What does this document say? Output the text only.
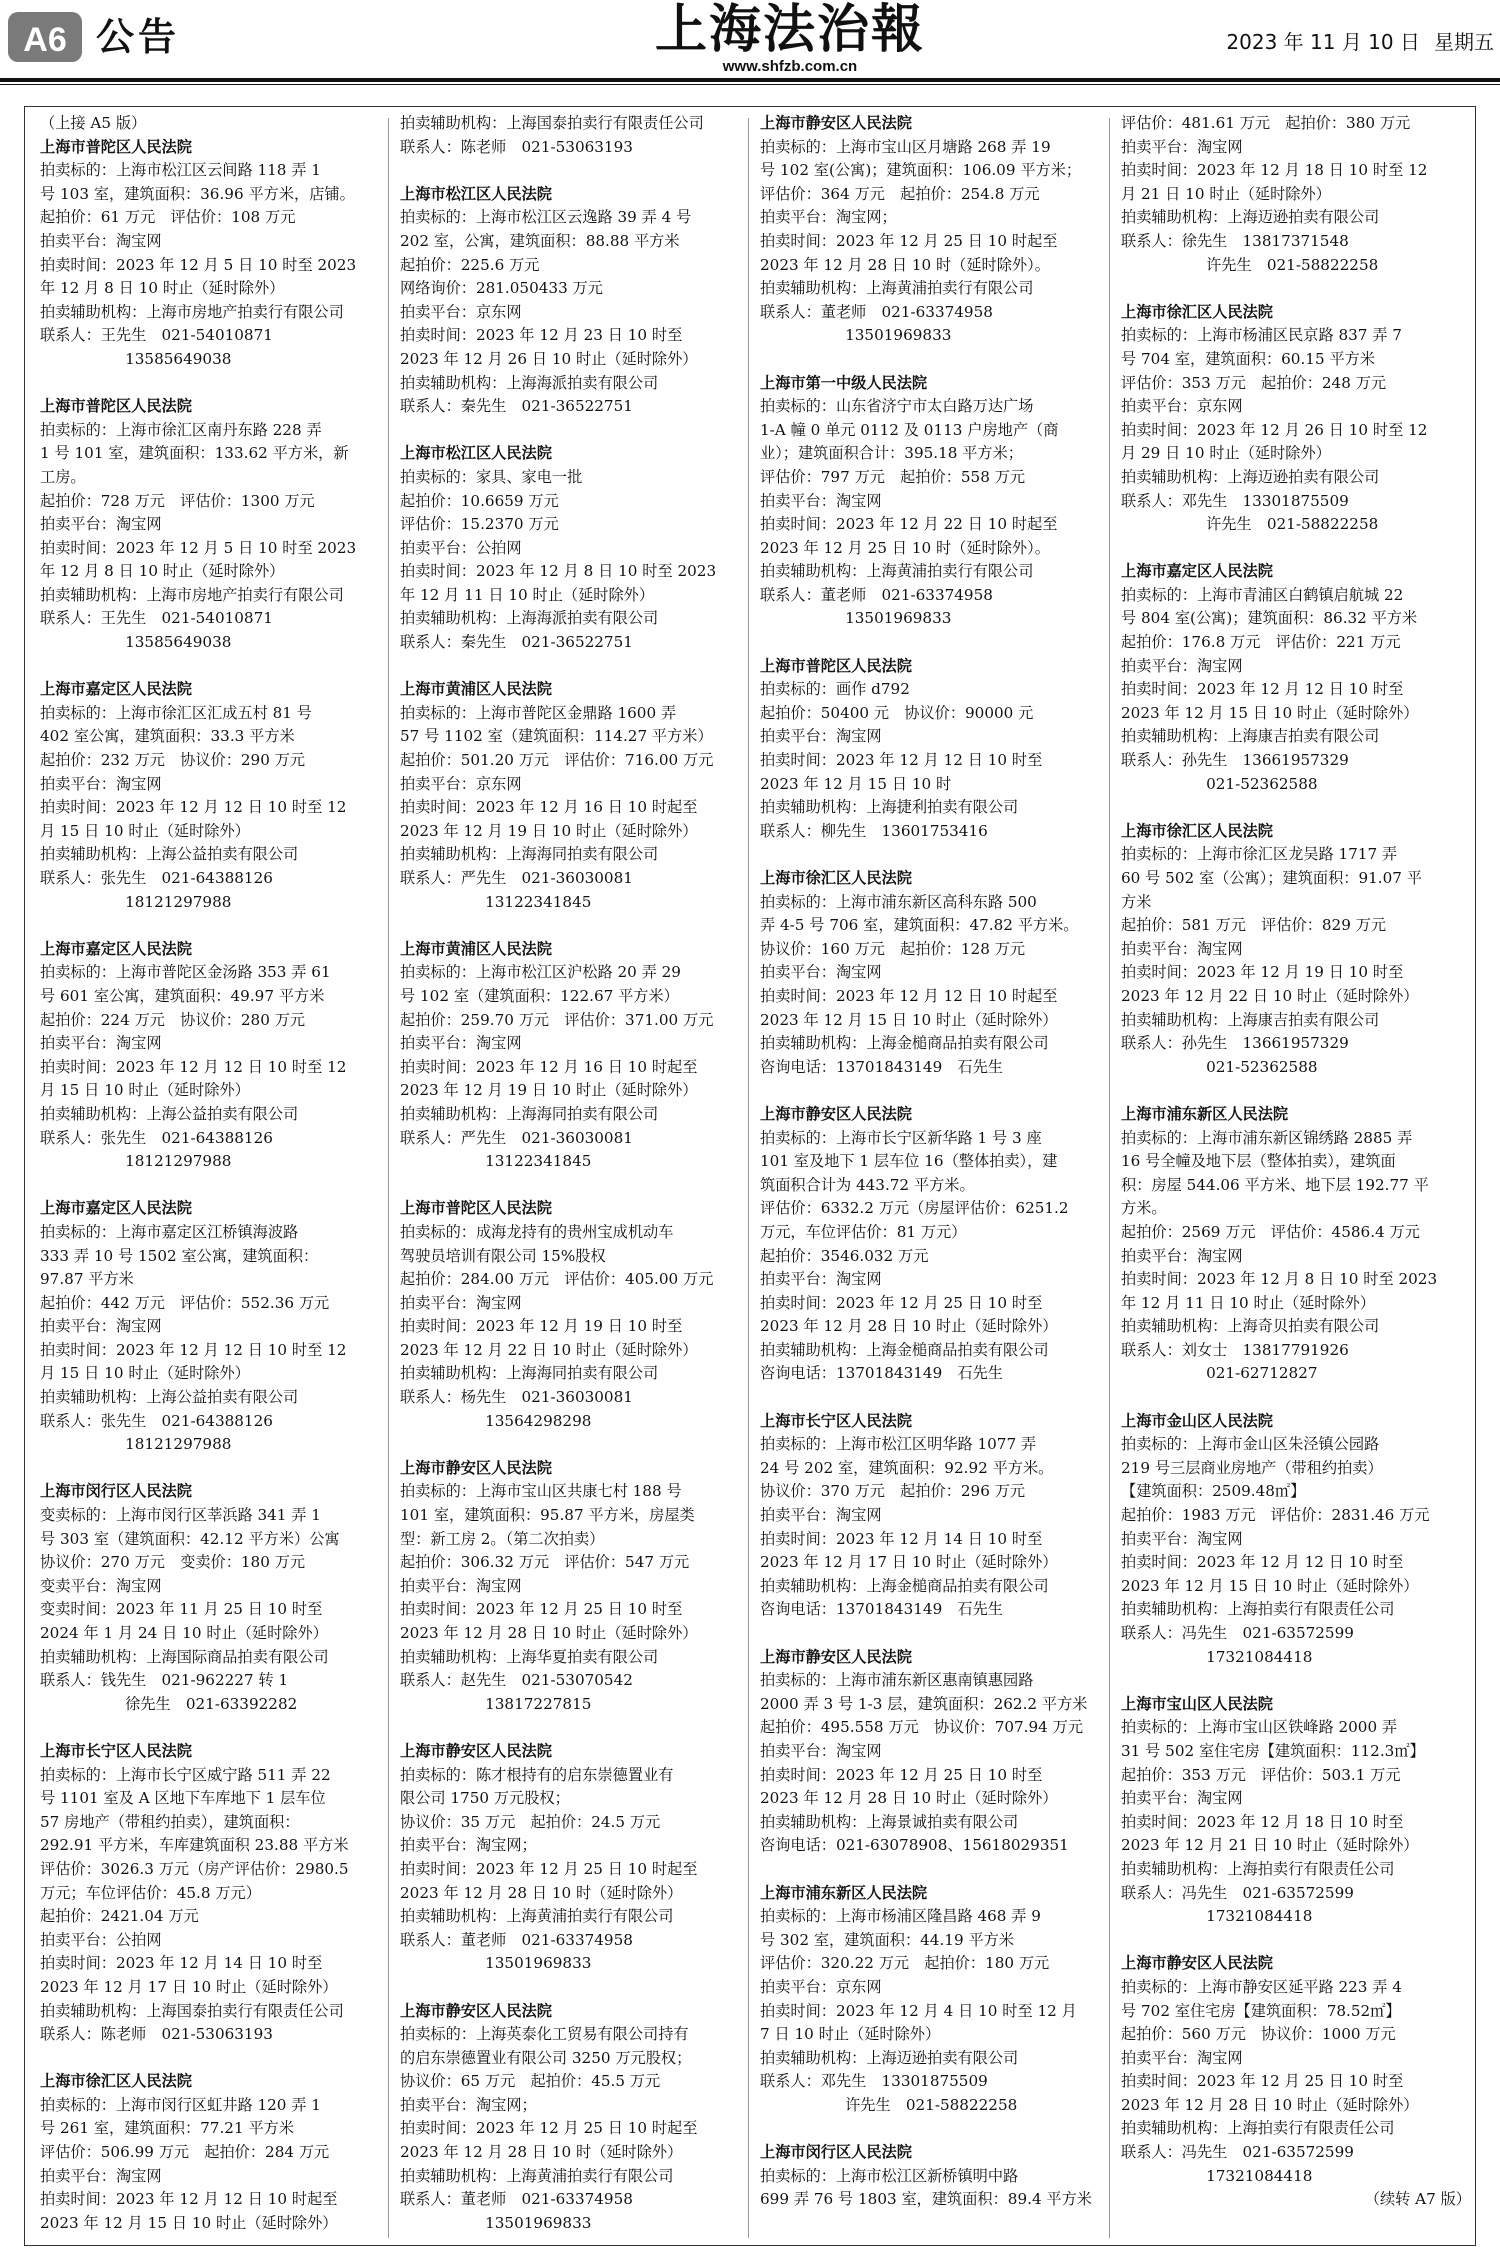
A6 公告	上海法治報
www.shfzb.com.cn
2023 年 11 月 10 日 星期五
（上接 A5 版）
上海市普陀区人民法院
拍卖标的：上海市松江区云间路 118 弄 1
号 103 室，建筑面积：36.96 平方米，店铺。
起拍价：61 万元　评估价：108 万元
拍卖平台：淘宝网
拍卖时间：2023 年 12 月 5 日 10 时至 2023
年 12 月 8 日 10 时止（延时除外）
拍卖辅助机构：上海市房地产拍卖行有限公司
联系人：王先生　021-54010871
13585649038

上海市普陀区人民法院
拍卖标的：上海市徐汇区南丹东路 228 弄
1 号 101 室，建筑面积：133.62 平方米，新
工房。
起拍价：728 万元　评估价：1300 万元
拍卖平台：淘宝网
拍卖时间：2023 年 12 月 5 日 10 时至 2023
年 12 月 8 日 10 时止（延时除外）
拍卖辅助机构：上海市房地产拍卖行有限公司
联系人：王先生　021-54010871
13585649038

上海市嘉定区人民法院
拍卖标的：上海市徐汇区汇成五村 81 号
402 室公寓，建筑面积：33.3 平方米
起拍价：232 万元　协议价：290 万元
拍卖平台：淘宝网
拍卖时间：2023 年 12 月 12 日 10 时至 12
月 15 日 10 时止（延时除外）
拍卖辅助机构：上海公益拍卖有限公司
联系人：张先生　021-64388126
18121297988

上海市嘉定区人民法院
拍卖标的：上海市普陀区金汤路 353 弄 61
号 601 室公寓，建筑面积：49.97 平方米
起拍价：224 万元　协议价：280 万元
拍卖平台：淘宝网
拍卖时间：2023 年 12 月 12 日 10 时至 12
月 15 日 10 时止（延时除外）
拍卖辅助机构：上海公益拍卖有限公司
联系人：张先生　021-64388126
18121297988

上海市嘉定区人民法院
拍卖标的：上海市嘉定区江桥镇海波路
333 弄 10 号 1502 室公寓，建筑面积：
97.87 平方米
起拍价：442 万元　评估价：552.36 万元
拍卖平台：淘宝网
拍卖时间：2023 年 12 月 12 日 10 时至 12
月 15 日 10 时止（延时除外）
拍卖辅助机构：上海公益拍卖有限公司
联系人：张先生　021-64388126
18121297988

上海市闵行区人民法院
变卖标的：上海市闵行区莘浜路 341 弄 1
号 303 室（建筑面积：42.12 平方米）公寓
协议价：270 万元　变卖价：180 万元
变卖平台：淘宝网
变卖时间：2023 年 11 月 25 日 10 时至
2024 年 1 月 24 日 10 时止（延时除外）
拍卖辅助机构：上海国际商品拍卖有限公司
联系人：钱先生　021-962227 转 1
徐先生　021-63392282

上海市长宁区人民法院
拍卖标的：上海市长宁区威宁路 511 弄 22
号 1101 室及 A 区地下车库地下 1 层车位
57 房地产（带租约拍卖），建筑面积：
292.91 平方米，车库建筑面积 23.88 平方米
评估价：3026.3 万元（房产评估价：2980.5
万元；车位评估价：45.8 万元）
起拍价：2421.04 万元
拍卖平台：公拍网
拍卖时间：2023 年 12 月 14 日 10 时至
2023 年 12 月 17 日 10 时止（延时除外）
拍卖辅助机构：上海国泰拍卖行有限责任公司
联系人：陈老师　021-53063193

上海市徐汇区人民法院
拍卖标的：上海市闵行区虹井路 120 弄 1
号 261 室，建筑面积：77.21 平方米
评估价：506.99 万元　起拍价：284 万元
拍卖平台：淘宝网
拍卖时间：2023 年 12 月 12 日 10 时起至
2023 年 12 月 15 日 10 时止（延时除外）
拍卖辅助机构：上海国泰拍卖行有限责任公司
联系人：陈老师　021-53063193

上海市松江区人民法院
拍卖标的：上海市松江区云逸路 39 弄 4 号
202 室，公寓，建筑面积：88.88 平方米
起拍价：225.6 万元
网络询价：281.050433 万元
拍卖平台：京东网
拍卖时间：2023 年 12 月 23 日 10 时至
2023 年 12 月 26 日 10 时止（延时除外）
拍卖辅助机构：上海海派拍卖有限公司
联系人：秦先生　021-36522751

上海市松江区人民法院
拍卖标的：家具、家电一批
起拍价：10.6659 万元
评估价：15.2370 万元
拍卖平台：公拍网
拍卖时间：2023 年 12 月 8 日 10 时至 2023
年 12 月 11 日 10 时止（延时除外）
拍卖辅助机构：上海海派拍卖有限公司
联系人：秦先生　021-36522751

上海市黄浦区人民法院
拍卖标的：上海市普陀区金鼎路 1600 弄
57 号 1102 室（建筑面积：114.27 平方米）
起拍价：501.20 万元　评估价：716.00 万元
拍卖平台：京东网
拍卖时间：2023 年 12 月 16 日 10 时起至
2023 年 12 月 19 日 10 时止（延时除外）
拍卖辅助机构：上海海同拍卖有限公司
联系人：严先生　021-36030081
13122341845

上海市黄浦区人民法院
拍卖标的：上海市松江区沪松路 20 弄 29
号 102 室（建筑面积：122.67 平方米）
起拍价：259.70 万元　评估价：371.00 万元
拍卖平台：淘宝网
拍卖时间：2023 年 12 月 16 日 10 时起至
2023 年 12 月 19 日 10 时止（延时除外）
拍卖辅助机构：上海海同拍卖有限公司
联系人：严先生　021-36030081
13122341845

上海市普陀区人民法院
拍卖标的：成海龙持有的贵州宝成机动车
驾驶员培训有限公司 15%股权
起拍价：284.00 万元　评估价：405.00 万元
拍卖平台：淘宝网
拍卖时间：2023 年 12 月 19 日 10 时至
2023 年 12 月 22 日 10 时止（延时除外）
拍卖辅助机构：上海海同拍卖有限公司
联系人：杨先生　021-36030081
13564298298

上海市静安区人民法院
拍卖标的：上海市宝山区共康七村 188 号
101 室，建筑面积：95.87 平方米，房屋类
型：新工房 2。（第二次拍卖）
起拍价：306.32 万元　评估价：547 万元
拍卖平台：淘宝网
拍卖时间：2023 年 12 月 25 日 10 时至
2023 年 12 月 28 日 10 时止（延时除外）
拍卖辅助机构：上海华夏拍卖有限公司
联系人：赵先生　021-53070542
13817227815

上海市静安区人民法院
拍卖标的：陈才根持有的启东崇德置业有
限公司 1750 万元股权；
协议价：35 万元　起拍价：24.5 万元
拍卖平台：淘宝网；
拍卖时间：2023 年 12 月 25 日 10 时起至
2023 年 12 月 28 日 10 时（延时除外）
拍卖辅助机构：上海黄浦拍卖行有限公司
联系人：董老师　021-63374958
13501969833

上海市静安区人民法院
拍卖标的：上海英泰化工贸易有限公司持有
的启东崇德置业有限公司 3250 万元股权；
协议价：65 万元　起拍价：45.5 万元
拍卖平台：淘宝网；
拍卖时间：2023 年 12 月 25 日 10 时起至
2023 年 12 月 28 日 10 时（延时除外）
拍卖辅助机构：上海黄浦拍卖行有限公司
联系人：董老师　021-63374958
13501969833
上海市静安区人民法院
拍卖标的：上海市宝山区月塘路 268 弄 19
号 102 室(公寓)；建筑面积：106.09 平方米；
评估价：364 万元　起拍价：254.8 万元
拍卖平台：淘宝网；
拍卖时间：2023 年 12 月 25 日 10 时起至
2023 年 12 月 28 日 10 时（延时除外）。
拍卖辅助机构：上海黄浦拍卖行有限公司
联系人：董老师　021-63374958
13501969833

上海市第一中级人民法院
拍卖标的：山东省济宁市太白路万达广场
1-A 幢 0 单元 0112 及 0113 户房地产（商
业）；建筑面积合计：395.18 平方米；
评估价：797 万元　起拍价：558 万元
拍卖平台：淘宝网
拍卖时间：2023 年 12 月 22 日 10 时起至
2023 年 12 月 25 日 10 时（延时除外）。
拍卖辅助机构：上海黄浦拍卖行有限公司
联系人：董老师　021-63374958
13501969833

上海市普陀区人民法院
拍卖标的：画作 d792
起拍价：50400 元　协议价：90000 元
拍卖平台：淘宝网
拍卖时间：2023 年 12 月 12 日 10 时至
2023 年 12 月 15 日 10 时
拍卖辅助机构：上海捷利拍卖有限公司
联系人：柳先生　13601753416

上海市徐汇区人民法院
拍卖标的：上海市浦东新区高科东路 500
弄 4-5 号 706 室，建筑面积：47.82 平方米。
协议价：160 万元　起拍价：128 万元
拍卖平台：淘宝网
拍卖时间：2023 年 12 月 12 日 10 时起至
2023 年 12 月 15 日 10 时止（延时除外）
拍卖辅助机构：上海金槌商品拍卖有限公司
咨询电话：13701843149　石先生

上海市静安区人民法院
拍卖标的：上海市长宁区新华路 1 号 3 座
101 室及地下 1 层车位 16（整体拍卖），建
筑面积合计为 443.72 平方米。
评估价：6332.2 万元（房屋评估价：6251.2
万元，车位评估价：81 万元）
起拍价：3546.032 万元
拍卖平台：淘宝网
拍卖时间：2023 年 12 月 25 日 10 时至
2023 年 12 月 28 日 10 时止（延时除外）
拍卖辅助机构：上海金槌商品拍卖有限公司
咨询电话：13701843149　石先生

上海市长宁区人民法院
拍卖标的：上海市松江区明华路 1077 弄
24 号 202 室，建筑面积：92.92 平方米。
协议价：370 万元　起拍价：296 万元
拍卖平台：淘宝网
拍卖时间：2023 年 12 月 14 日 10 时至
2023 年 12 月 17 日 10 时止（延时除外）
拍卖辅助机构：上海金槌商品拍卖有限公司
咨询电话：13701843149　石先生

上海市静安区人民法院
拍卖标的：上海市浦东新区惠南镇惠园路
2000 弄 3 号 1-3 层，建筑面积：262.2 平方米
起拍价：495.558 万元　协议价：707.94 万元
拍卖平台：淘宝网
拍卖时间：2023 年 12 月 25 日 10 时至
2023 年 12 月 28 日 10 时止（延时除外）
拍卖辅助机构：上海景诚拍卖有限公司
咨询电话：021-63078908、15618029351

上海市浦东新区人民法院
拍卖标的：上海市杨浦区隆昌路 468 弄 9
号 302 室，建筑面积：44.19 平方米
评估价：320.22 万元　起拍价：180 万元
拍卖平台：京东网
拍卖时间：2023 年 12 月 4 日 10 时至 12 月
7 日 10 时止（延时除外）
拍卖辅助机构：上海迈逊拍卖有限公司
联系人：邓先生　13301875509
许先生　021-58822258

上海市闵行区人民法院
拍卖标的：上海市松江区新桥镇明中路
699 弄 76 号 1803 室，建筑面积：89.4 平方米
评估价：481.61 万元　起拍价：380 万元
拍卖平台：淘宝网
拍卖时间：2023 年 12 月 18 日 10 时至 12
月 21 日 10 时止（延时除外）
拍卖辅助机构：上海迈逊拍卖有限公司
联系人：徐先生　13817371548
许先生　021-58822258

上海市徐汇区人民法院
拍卖标的：上海市杨浦区民京路 837 弄 7
号 704 室，建筑面积：60.15 平方米
评估价：353 万元　起拍价：248 万元
拍卖平台：京东网
拍卖时间：2023 年 12 月 26 日 10 时至 12
月 29 日 10 时止（延时除外）
拍卖辅助机构：上海迈逊拍卖有限公司
联系人：邓先生　13301875509
许先生　021-58822258

上海市嘉定区人民法院
拍卖标的：上海市青浦区白鹤镇启航城 22
号 804 室(公寓)；建筑面积：86.32 平方米
起拍价：176.8 万元　评估价：221 万元
拍卖平台：淘宝网
拍卖时间：2023 年 12 月 12 日 10 时至
2023 年 12 月 15 日 10 时止（延时除外）
拍卖辅助机构：上海康吉拍卖有限公司
联系人：孙先生　13661957329
021-52362588

上海市徐汇区人民法院
拍卖标的：上海市徐汇区龙吴路 1717 弄
60 号 502 室（公寓）；建筑面积：91.07 平
方米
起拍价：581 万元　评估价：829 万元
拍卖平台：淘宝网
拍卖时间：2023 年 12 月 19 日 10 时至
2023 年 12 月 22 日 10 时止（延时除外）
拍卖辅助机构：上海康吉拍卖有限公司
联系人：孙先生　13661957329
021-52362588

上海市浦东新区人民法院
拍卖标的：上海市浦东新区锦绣路 2885 弄
16 号全幢及地下层（整体拍卖），建筑面
积：房屋 544.06 平方米、地下层 192.77 平
方米。
起拍价：2569 万元　评估价：4586.4 万元
拍卖平台：淘宝网
拍卖时间：2023 年 12 月 8 日 10 时至 2023
年 12 月 11 日 10 时止（延时除外）
拍卖辅助机构：上海奇贝拍卖有限公司
联系人：刘女士　13817791926
021-62712827

上海市金山区人民法院
拍卖标的：上海市金山区朱泾镇公园路
219 号三层商业房地产（带租约拍卖）
【建筑面积：2509.48㎡】
起拍价：1983 万元　评估价：2831.46 万元
拍卖平台：淘宝网
拍卖时间：2023 年 12 月 12 日 10 时至
2023 年 12 月 15 日 10 时止（延时除外）
拍卖辅助机构：上海拍卖行有限责任公司
联系人：冯先生　021-63572599
17321084418

上海市宝山区人民法院
拍卖标的：上海市宝山区铁峰路 2000 弄
31 号 502 室住宅房【建筑面积：112.3㎡】
起拍价：353 万元　评估价：503.1 万元
拍卖平台：淘宝网
拍卖时间：2023 年 12 月 18 日 10 时至
2023 年 12 月 21 日 10 时止（延时除外）
拍卖辅助机构：上海拍卖行有限责任公司
联系人：冯先生　021-63572599
17321084418

上海市静安区人民法院
拍卖标的：上海市静安区延平路 223 弄 4
号 702 室住宅房【建筑面积：78.52㎡】
起拍价：560 万元　协议价：1000 万元
拍卖平台：淘宝网
拍卖时间：2023 年 12 月 25 日 10 时至
2023 年 12 月 28 日 10 时止（延时除外）
拍卖辅助机构：上海拍卖行有限责任公司
联系人：冯先生　021-63572599
17321084418
（续转 A7 版）
